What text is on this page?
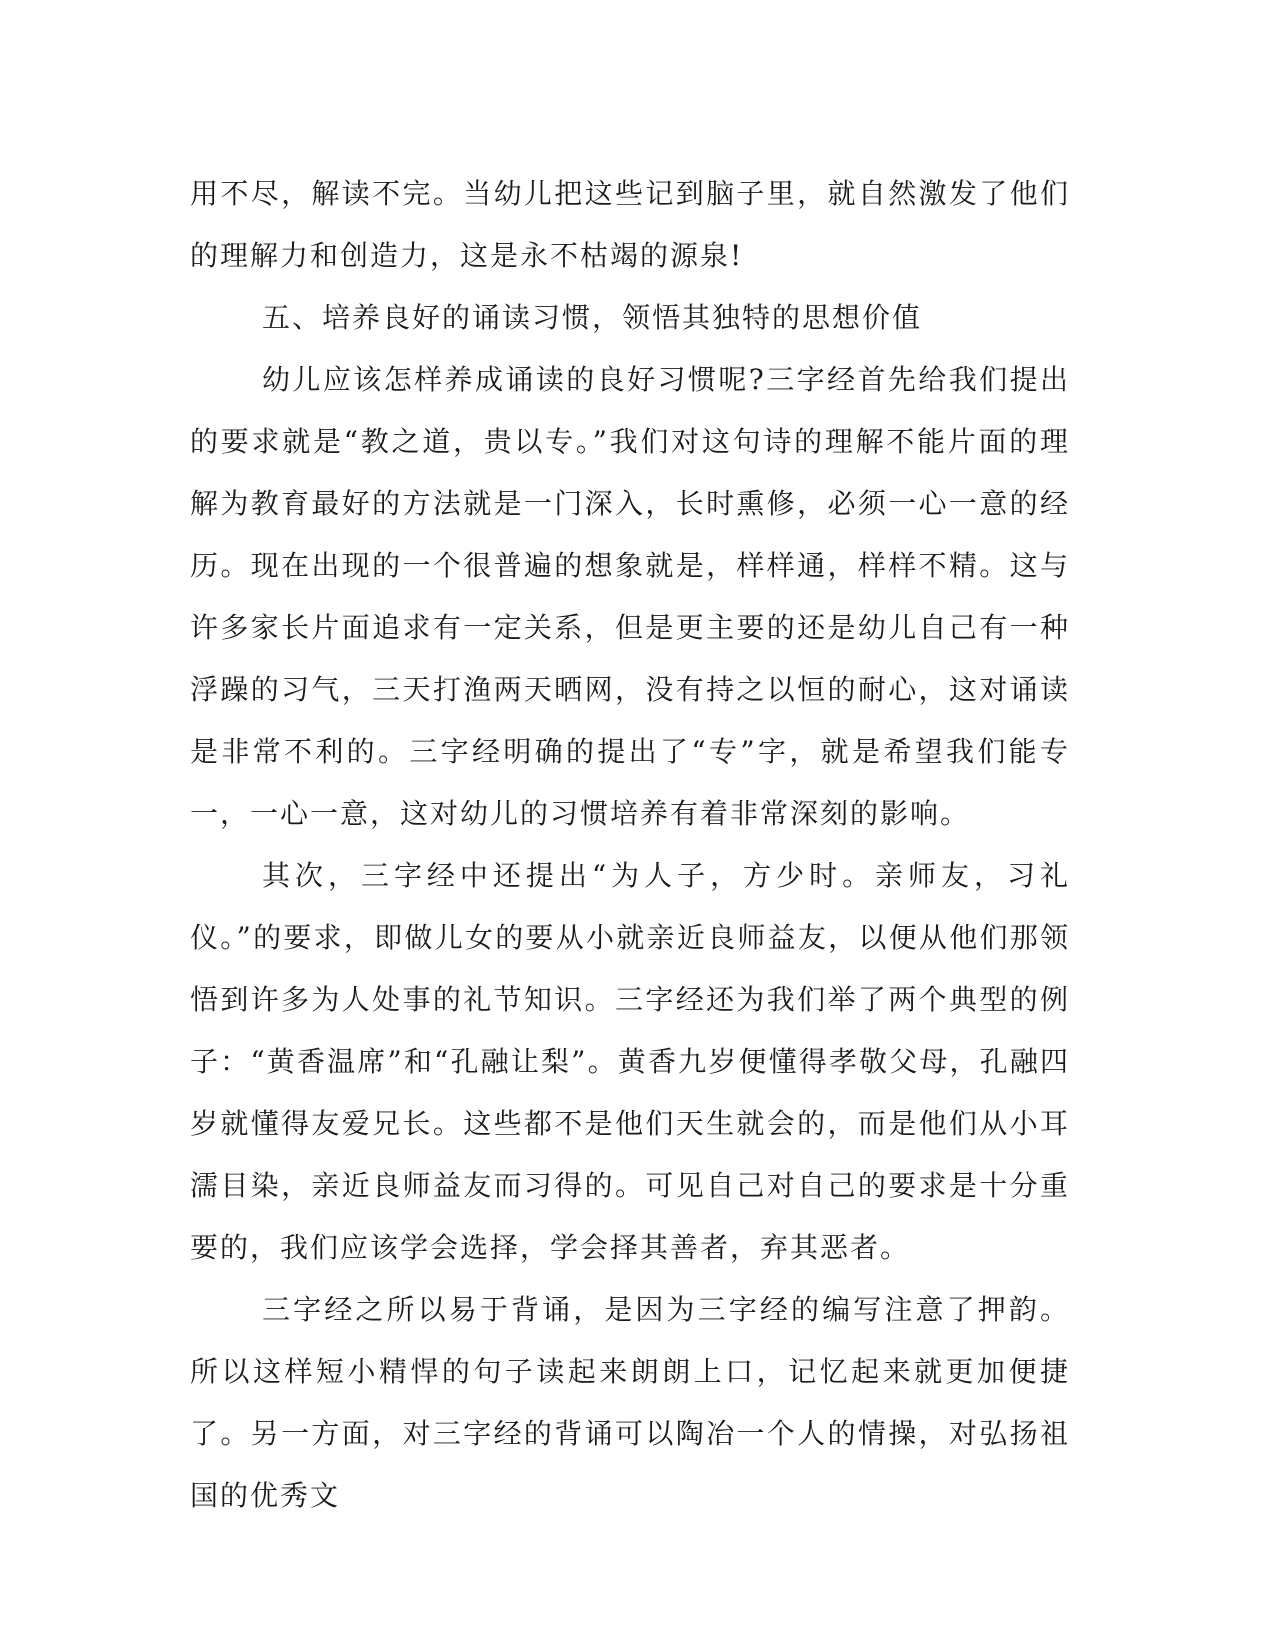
用不尽，解读不完。当幼儿把这些记到脑子里，就自然激发了他们的理解力和创造力，这是永不枯竭的源泉!

五、培养良好的诵读习惯，领悟其独特的思想价值

幼儿应该怎样养成诵读的良好习惯呢?三字经首先给我们提出的要求就是“教之道，贵以专。”我们对这句诗的理解不能片面的理解为教育最好的方法就是一门深入，长时熏修，必须一心一意的经历。现在出现的一个很普遍的想象就是，样样通，样样不精。这与许多家长片面追求有一定关系，但是更主要的还是幼儿自己有一种浮躁的习气，三天打渔两天晒网，没有持之以恒的耐心，这对诵读是非常不利的。三字经明确的提出了“专”字，就是希望我们能专一，一心一意，这对幼儿的习惯培养有着非常深刻的影响。

其次，三字经中还提出“为人子，方少时。亲师友，习礼仪。”的要求，即做儿女的要从小就亲近良师益友，以便从他们那领悟到许多为人处事的礼节知识。三字经还为我们举了两个典型的例子：“黄香温席”和“孔融让梨”。黄香九岁便懂得孝敬父母，孔融四岁就懂得友爱兄长。这些都不是他们天生就会的，而是他们从小耳濡目染，亲近良师益友而习得的。可见自己对自己的要求是十分重要的，我们应该学会选择，学会择其善者，弃其恶者。

三字经之所以易于背诵，是因为三字经的编写注意了押韵。所以这样短小精悍的句子读起来朗朗上口，记忆起来就更加便捷了。另一方面，对三字经的背诵可以陶冶一个人的情操，对弘扬祖国的优秀文
